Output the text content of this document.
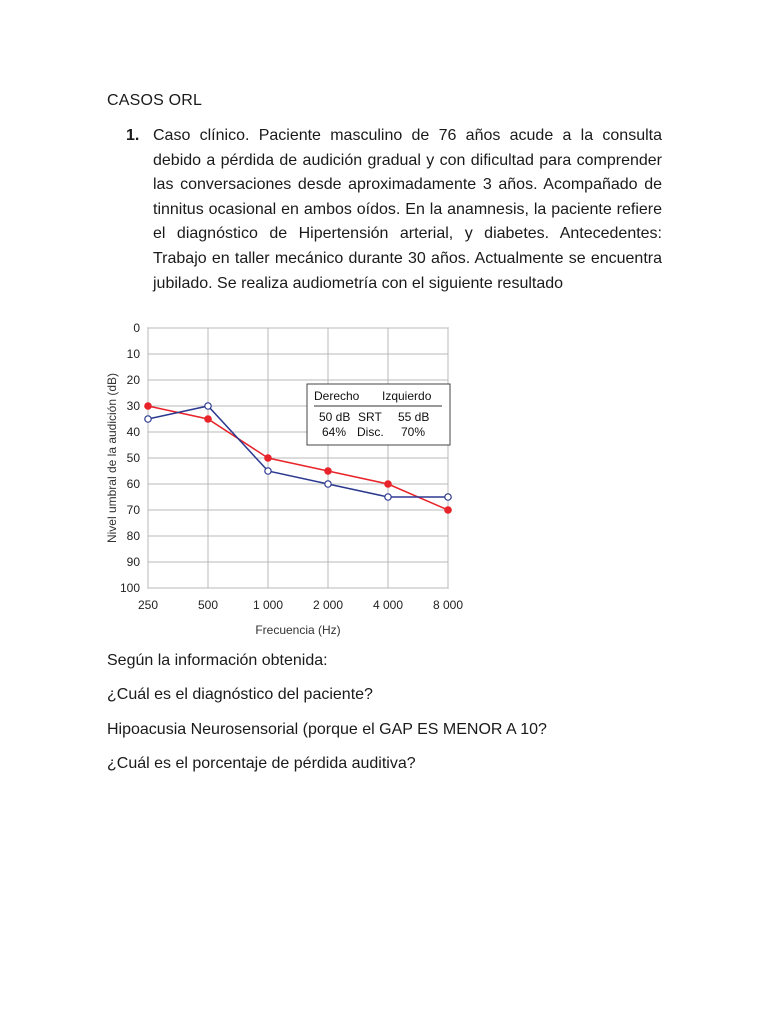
CASOS ORL
1. Caso clínico. Paciente masculino de 76 años acude a la consulta debido a pérdida de audición gradual y con dificultad para comprender las conversaciones desde aproximadamente 3 años. Acompañado de tinnitus ocasional en ambos oídos. En la anamnesis, la paciente refiere el diagnóstico de Hipertensión arterial, y diabetes. Antecedentes: Trabajo en taller mecánico durante 30 años. Actualmente se encuentra jubilado. Se realiza audiometría con el siguiente resultado
0
10
20
30
40
50
60
70
80
90
100
250	500	1 000 2 000 4 000 8 000
Frecuencia (Hz)
Nivel umbral de la audición (dB)	Derecho Izquierdo
50 dB SRT 55 dB
64% Disc. 70%
Según la información obtenida:
¿Cuál es el diagnóstico del paciente?
Hipoacusia Neurosensorial (porque el GAP ES MENOR A 10?
¿Cuál es el porcentaje de pérdida auditiva?
